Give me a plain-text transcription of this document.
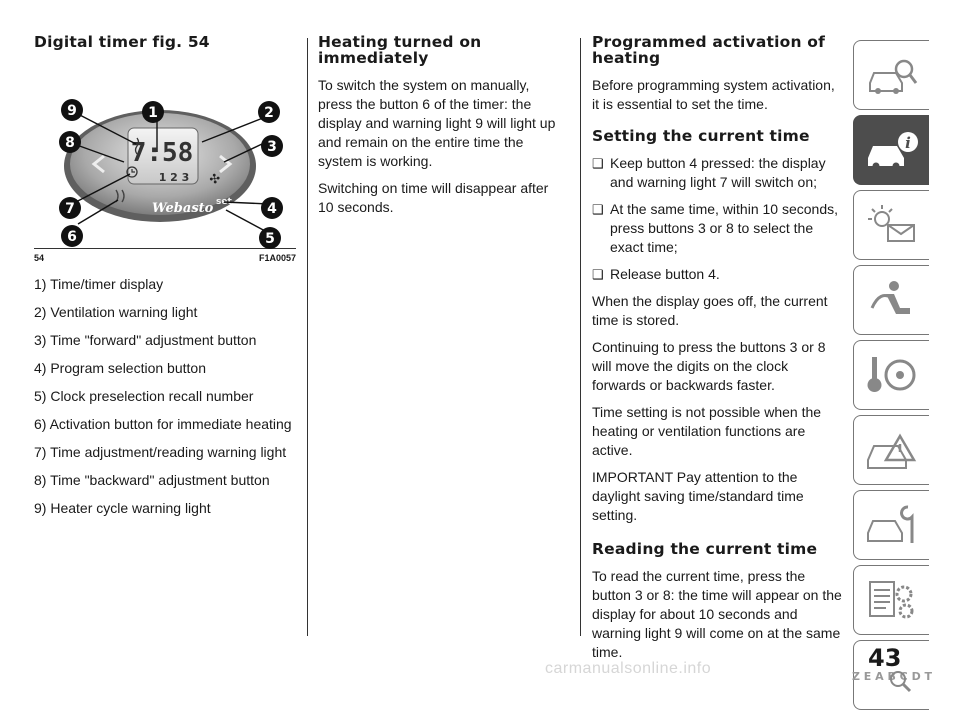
Digital timer fig. 54
7:58
1 2 3 ✣
Webasto set
1	2
3
4
5
6
7
8
9
54	F1A0057

1) Time/timer display

2) Ventilation warning light

3) Time "forward" adjustment button

4) Program selection button

5) Clock preselection recall number

6) Activation button for immediate heating

7) Time adjustment/reading warning light

8) Time "backward" adjustment button

9) Heater cycle warning light

Heating turned on immediately

To switch the system on manually, press the button 6 of the timer: the display and warning light 9 will light up and remain on the entire time the system is working.

Switching on time will disappear after 10 seconds.

Programmed activation of heating

Before programming system activation, it is essential to set the time.

Setting the current time

❑ Keep button 4 pressed: the display and warning light 7 will switch on;

❑ At the same time, within 10 seconds, press buttons 3 or 8 to select the exact time;

❑ Release button 4.

When the display goes off, the current time is stored.

Continuing to press the buttons 3 or 8 will move the digits on the clock forwards or backwards faster.

Time setting is not possible when the heating or ventilation functions are active.

IMPORTANT Pay attention to the daylight saving time/standard time setting.

Reading the current time

To read the current time, press the button 3 or 8: the time will appear on the display for about 10 seconds and warning light 9 will come on at the same time.

i
Z E A B C D T
43
carmanualsonline.info
